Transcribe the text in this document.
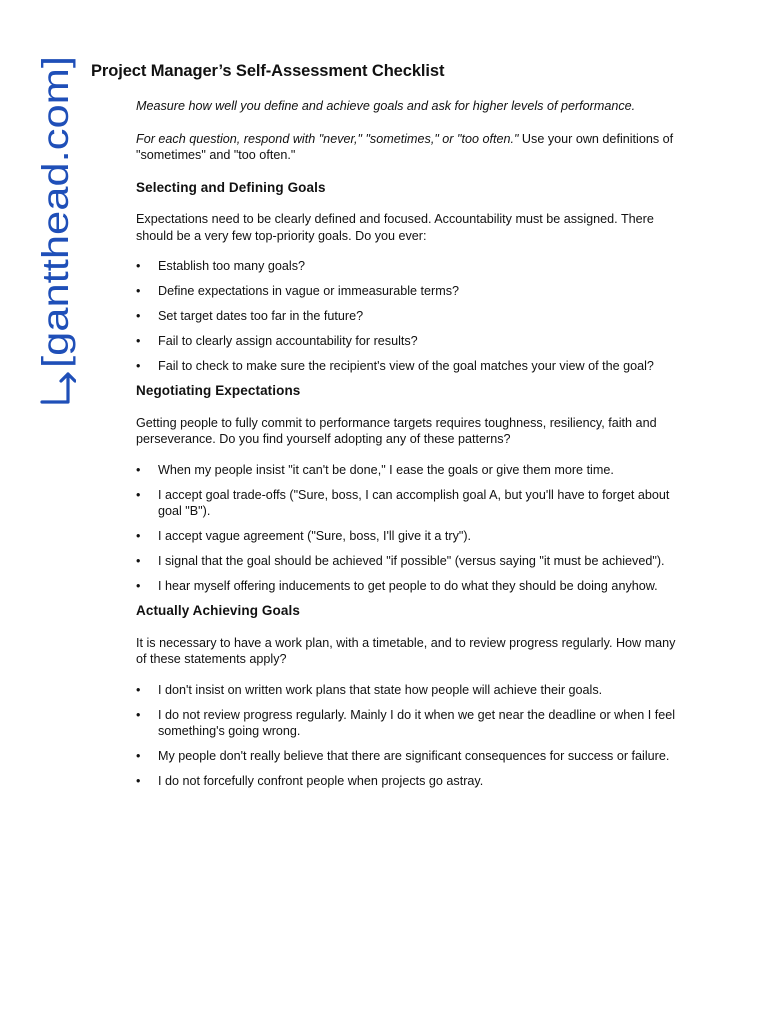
[gantthead.com]
Project Manager’s Self-Assessment Checklist

Measure how well you define and achieve goals and ask for higher levels of performance.

For each question, respond with "never," "sometimes," or "too often." Use your own definitions of "sometimes" and "too often."

Selecting and Defining Goals

Expectations need to be clearly defined and focused. Accountability must be assigned. There should be a very few top-priority goals. Do you ever:

• Establish too many goals?
• Define expectations in vague or immeasurable terms?
• Set target dates too far in the future?
• Fail to clearly assign accountability for results?
• Fail to check to make sure the recipient's view of the goal matches your view of the goal?
Negotiating Expectations

Getting people to fully commit to performance targets requires toughness, resiliency, faith and perseverance. Do you find yourself adopting any of these patterns?

• When my people insist "it can't be done," I ease the goals or give them more time.
• I accept goal trade-offs ("Sure, boss, I can accomplish goal A, but you'll have to forget about goal "B").
• I accept vague agreement ("Sure, boss, I'll give it a try").
• I signal that the goal should be achieved "if possible" (versus saying "it must be achieved").
• I hear myself offering inducements to get people to do what they should be doing anyhow.
Actually Achieving Goals

It is necessary to have a work plan, with a timetable, and to review progress regularly. How many of these statements apply?

• I don't insist on written work plans that state how people will achieve their goals.
• I do not review progress regularly. Mainly I do it when we get near the deadline or when I feel something's going wrong.
• My people don't really believe that there are significant consequences for success or failure.
• I do not forcefully confront people when projects go astray.
